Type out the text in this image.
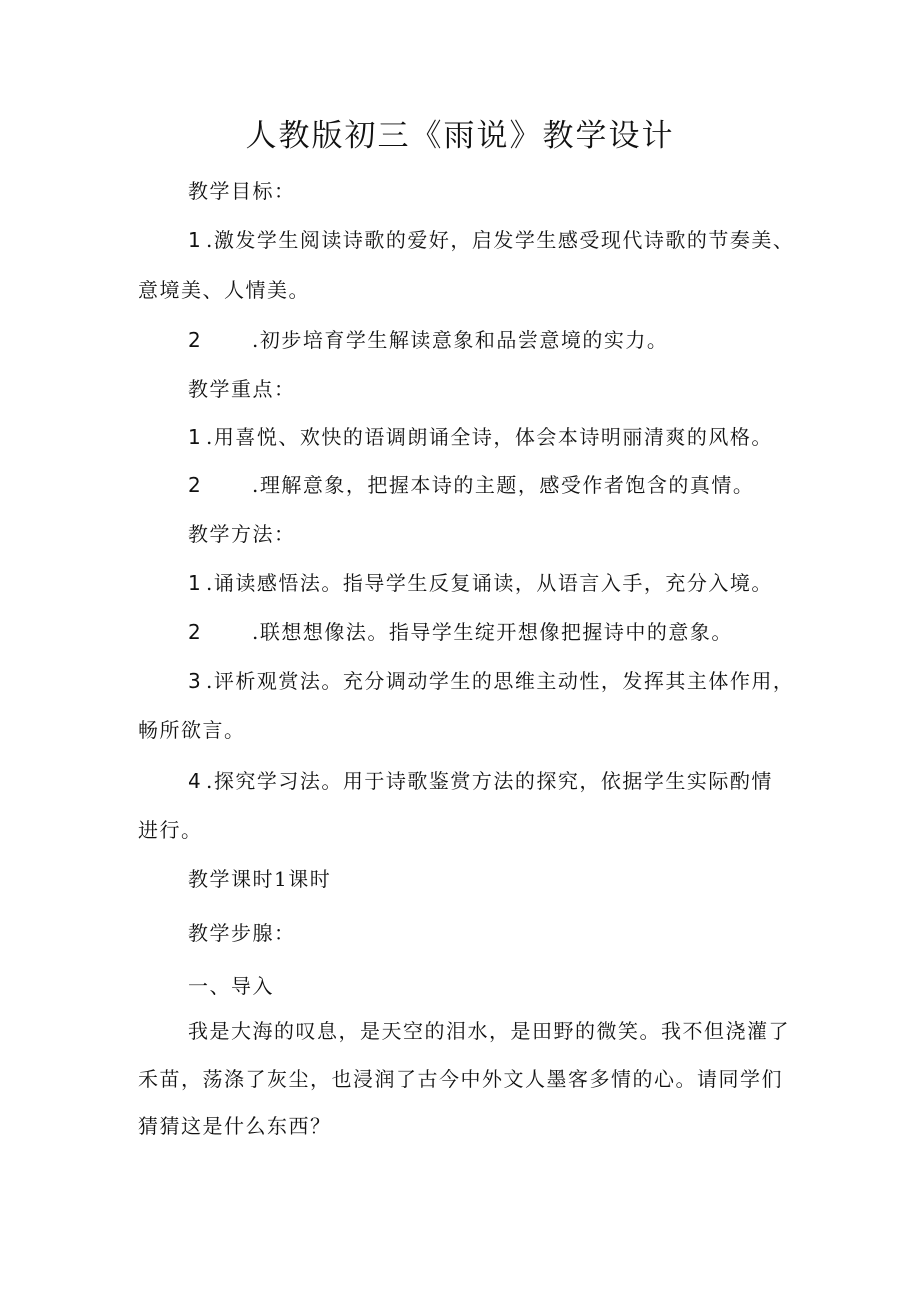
人教版初三《雨说》教学设计

教学目标：

1 .激发学生阅读诗歌的爱好，启发学生感受现代诗歌的节奏美、

意境美、人情美。

2 .初步培育学生解读意象和品尝意境的实力。

教学重点：

1 .用喜悦、欢快的语调朗诵全诗，体会本诗明丽清爽的风格。

2 .理解意象，把握本诗的主题，感受作者饱含的真情。

教学方法：

1 .诵读感悟法。指导学生反复诵读，从语言入手，充分入境。

2 .联想想像法。指导学生绽开想像把握诗中的意象。

3 .评析观赏法。充分调动学生的思维主动性，发挥其主体作用，

畅所欲言。

4 .探究学习法。用于诗歌鉴赏方法的探究，依据学生实际酌情

进行。

教学课时1课时

教学步腺：

一、导入

我是大海的叹息，是天空的泪水，是田野的微笑。我不但浇灌了

禾苗，荡涤了灰尘，也浸润了古今中外文人墨客多情的心。请同学们

猜猜这是什么东西？
